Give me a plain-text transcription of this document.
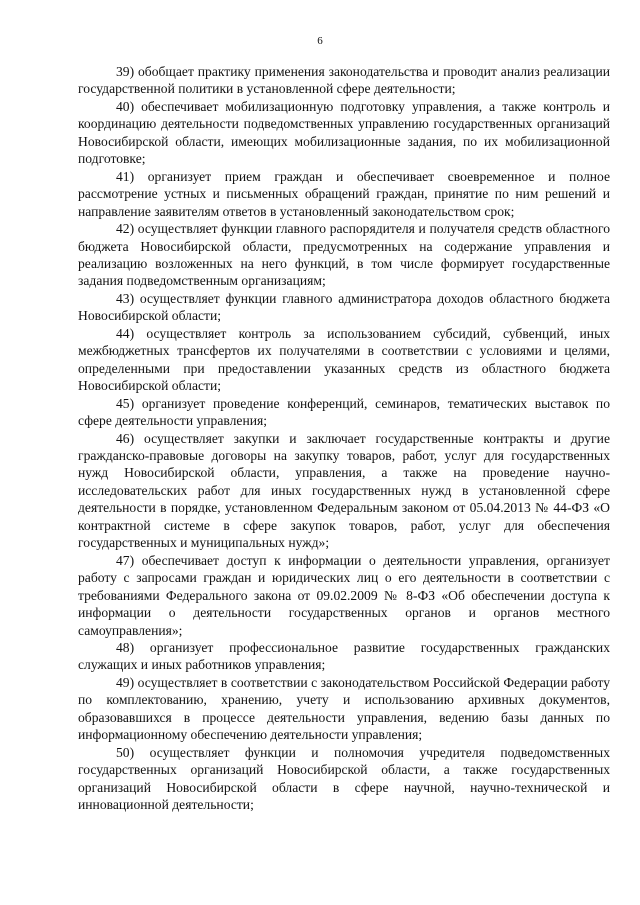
6

39) обобщает практику применения законодательства и проводит анализ реализации государственной политики в установленной сфере деятельности;

40) обеспечивает мобилизационную подготовку управления, а также контроль и координацию деятельности подведомственных управлению государственных организаций Новосибирской области, имеющих мобилизационные задания, по их мобилизационной подготовке;

41) организует прием граждан и обеспечивает своевременное и полное рассмотрение устных и письменных обращений граждан, принятие по ним решений и направление заявителям ответов в установленный законодательством срок;

42) осуществляет функции главного распорядителя и получателя средств областного бюджета Новосибирской области, предусмотренных на содержание управления и реализацию возложенных на него функций, в том числе формирует государственные задания подведомственным организациям;

43) осуществляет функции главного администратора доходов областного бюджета Новосибирской области;

44) осуществляет контроль за использованием субсидий, субвенций, иных межбюджетных трансфертов их получателями в соответствии с условиями и целями, определенными при предоставлении указанных средств из областного бюджета Новосибирской области;

45) организует проведение конференций, семинаров, тематических выставок по сфере деятельности управления;

46) осуществляет закупки и заключает государственные контракты и другие гражданско-правовые договоры на закупку товаров, работ, услуг для государственных нужд Новосибирской области, управления, а также на проведение научно-исследовательских работ для иных государственных нужд в установленной сфере деятельности в порядке, установленном Федеральным законом от 05.04.2013 № 44-ФЗ «О контрактной системе в сфере закупок товаров, работ, услуг для обеспечения государственных и муниципальных нужд»;

47) обеспечивает доступ к информации о деятельности управления, организует работу с запросами граждан и юридических лиц о его деятельности в соответствии с требованиями Федерального закона от 09.02.2009 № 8-ФЗ «Об обеспечении доступа к информации о деятельности государственных органов и органов местного самоуправления»;

48) организует профессиональное развитие государственных гражданских служащих и иных работников управления;

49) осуществляет в соответствии с законодательством Российской Федерации работу по комплектованию, хранению, учету и использованию архивных документов, образовавшихся в процессе деятельности управления, ведению базы данных по информационному обеспечению деятельности управления;

50) осуществляет функции и полномочия учредителя подведомственных государственных организаций Новосибирской области, а также государственных организаций Новосибирской области в сфере научной, научно-технической и инновационной деятельности;
